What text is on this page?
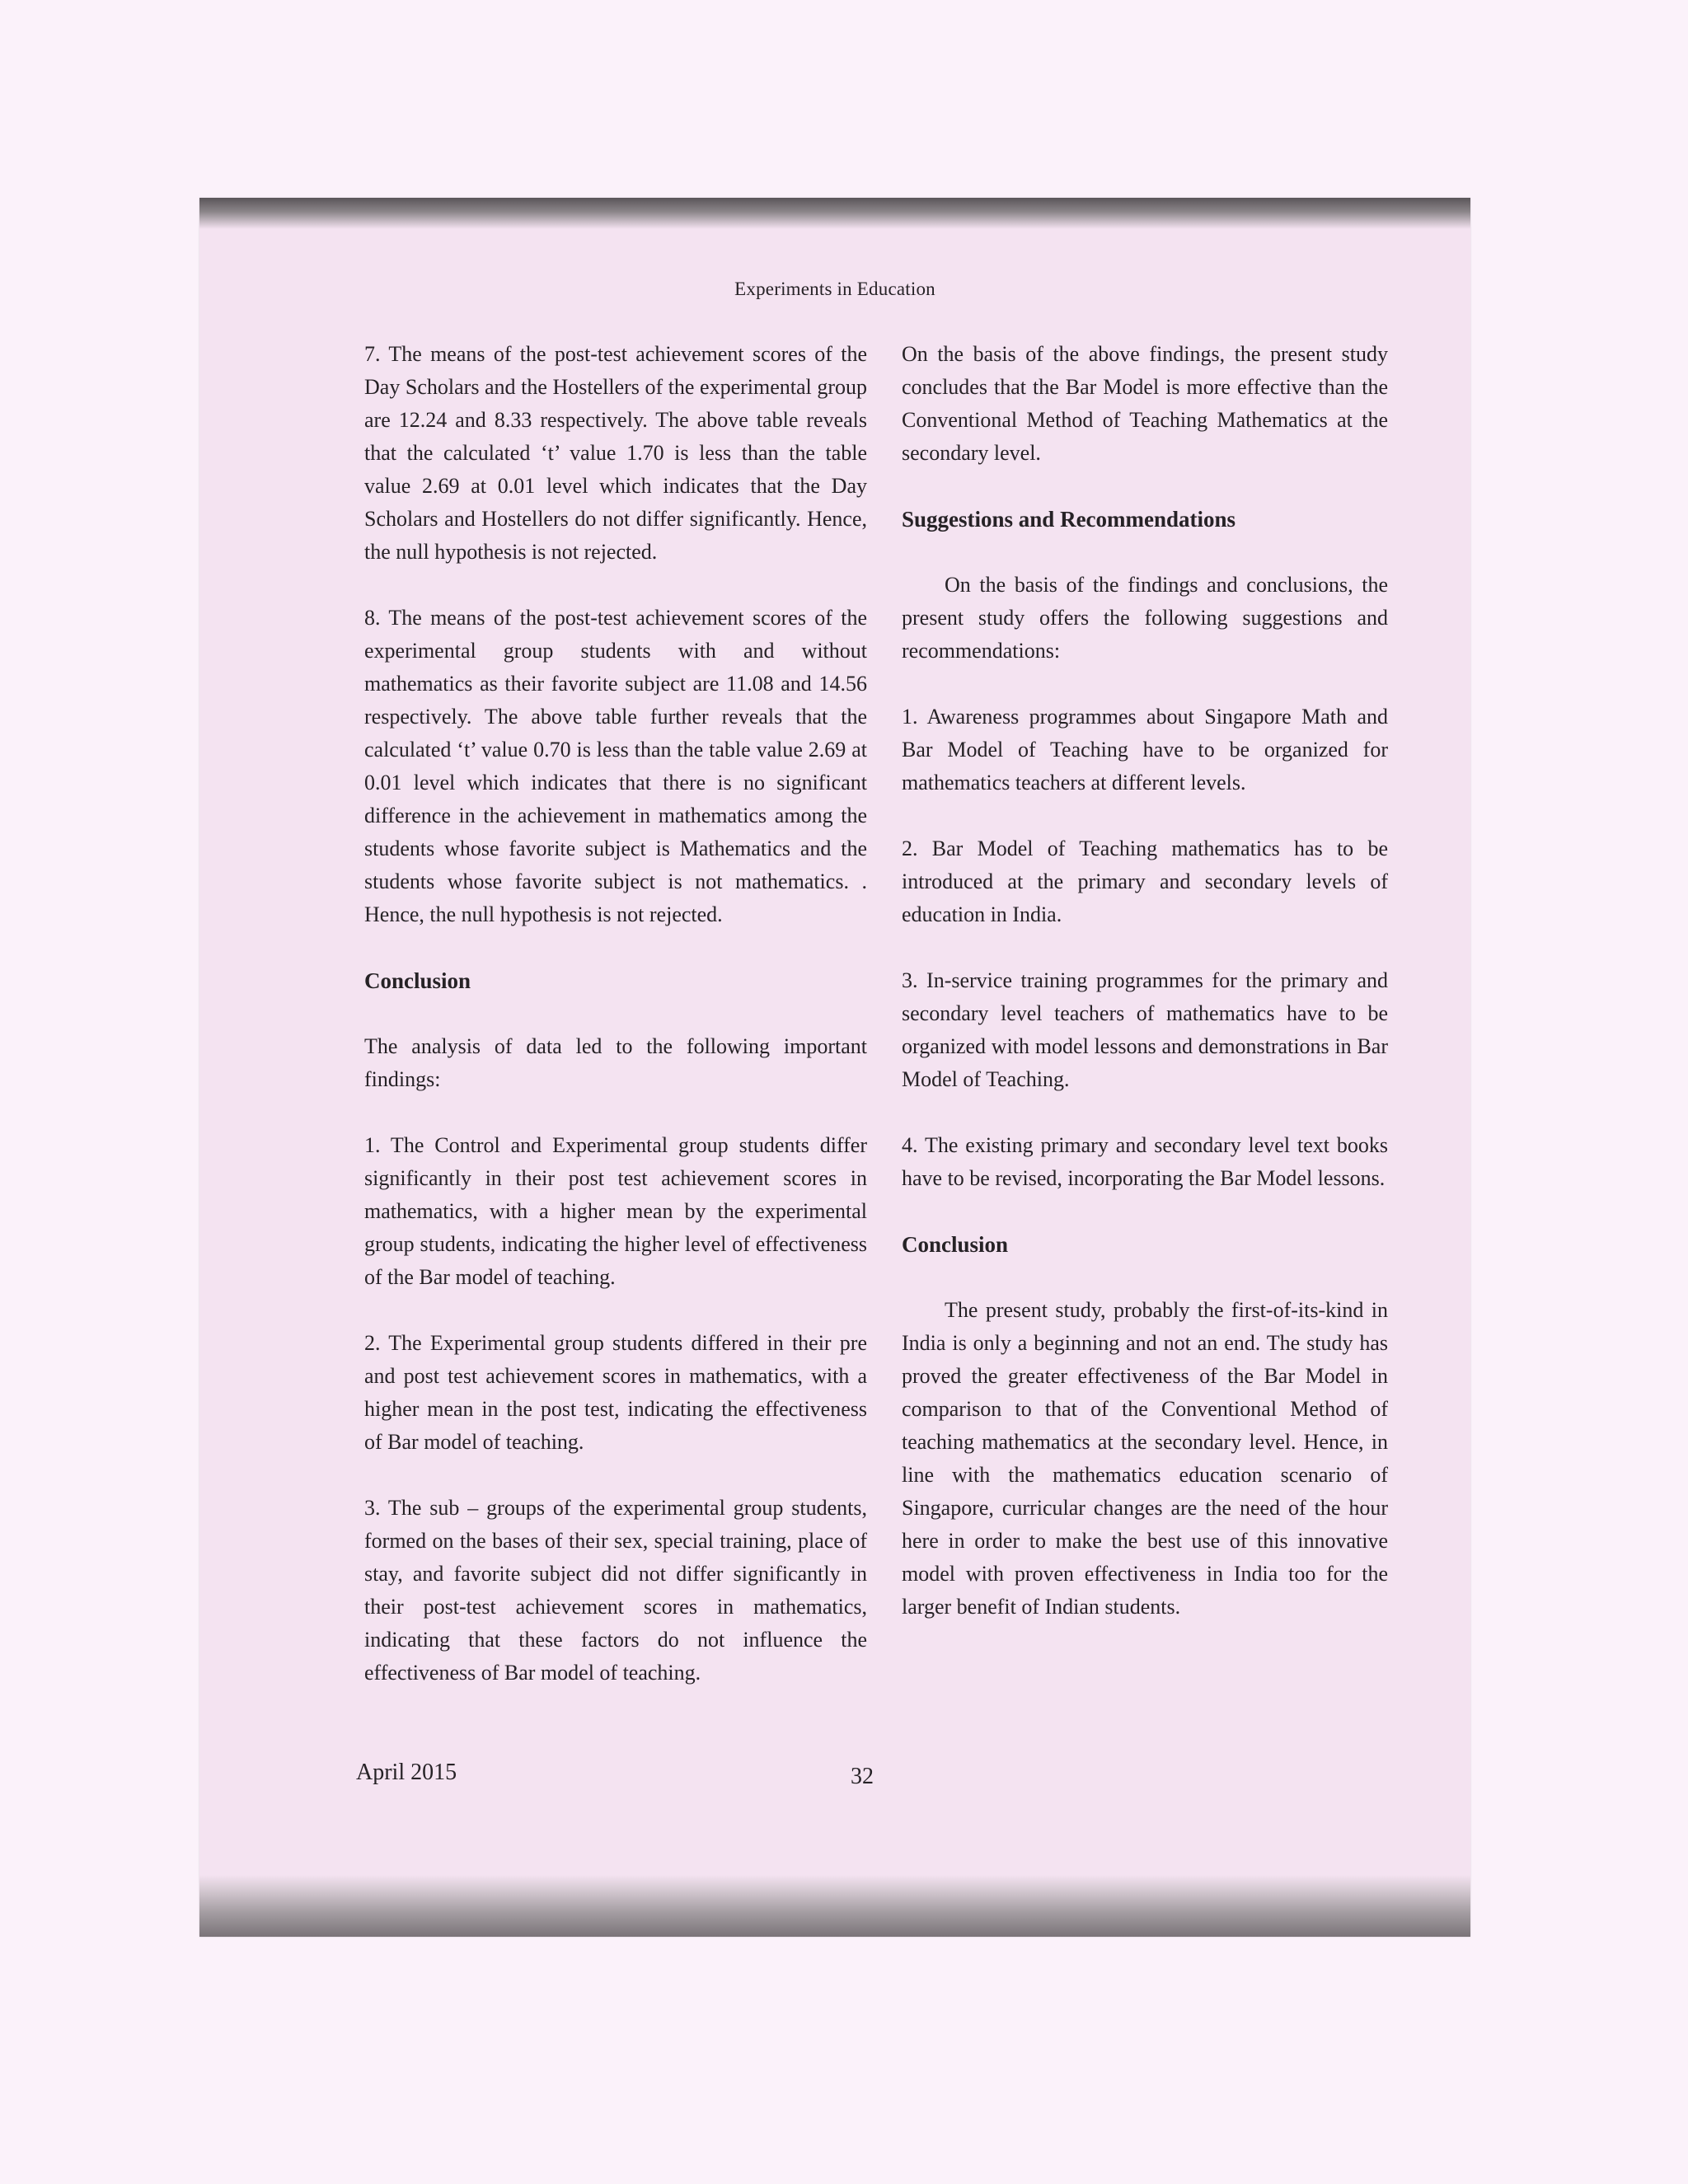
Experiments in Education

7. The means of the post-test achievement scores of the Day Scholars and the Hostellers of the experimental group are 12.24 and 8.33 respectively. The above table reveals that the calculated ‘t’ value 1.70 is less than the table value 2.69 at 0.01 level which indicates that the Day Scholars and Hostellers do not differ significantly. Hence, the null hypothesis is not rejected.

8. The means of the post-test achievement scores of the experimental group students with and without mathematics as their favorite subject are 11.08 and 14.56 respectively. The above table further reveals that the calculated ‘t’ value 0.70 is less than the table value 2.69 at 0.01 level which indicates that there is no significant difference in the achievement in mathematics among the students whose favorite subject is Mathematics and the students whose favorite subject is not mathematics. . Hence, the null hypothesis is not rejected.

Conclusion

The analysis of data led to the following important findings:

1. The Control and Experimental group students differ significantly in their post test achievement scores in mathematics, with a higher mean by the experimental group students, indicating the higher level of effectiveness of the Bar model of teaching.

2. The Experimental group students differed in their pre and post test achievement scores in mathematics, with a higher mean in the post test, indicating the effectiveness of Bar model of teaching.

3. The sub – groups of the experimental group students, formed on the bases of their sex, special training, place of stay, and favorite subject did not differ significantly in their post-test achievement scores in mathematics, indicating that these factors do not influence the effectiveness of Bar model of teaching.

On the basis of the above findings, the present study concludes that the Bar Model is more effective than the Conventional Method of Teaching Mathematics at the secondary level.

Suggestions and Recommendations

On the basis of the findings and conclusions, the present study offers the following suggestions and recommendations:

1. Awareness programmes about Singapore Math and Bar Model of Teaching have to be organized for mathematics teachers at different levels.

2. Bar Model of Teaching mathematics has to be introduced at the primary and secondary levels of education in India.

3. In-service training programmes for the primary and secondary level teachers of mathematics have to be organized with model lessons and demonstrations in Bar Model of Teaching.

4. The existing primary and secondary level text books have to be revised, incorporating the Bar Model lessons.

Conclusion

The present study, probably the first-of-its-kind in India is only a beginning and not an end. The study has proved the greater effectiveness of the Bar Model in comparison to that of the Conventional Method of teaching mathematics at the secondary level. Hence, in line with the mathematics education scenario of Singapore, curricular changes are the need of the hour here in order to make the best use of this innovative model with proven effectiveness in India too for the larger benefit of Indian students.

April 2015	32
